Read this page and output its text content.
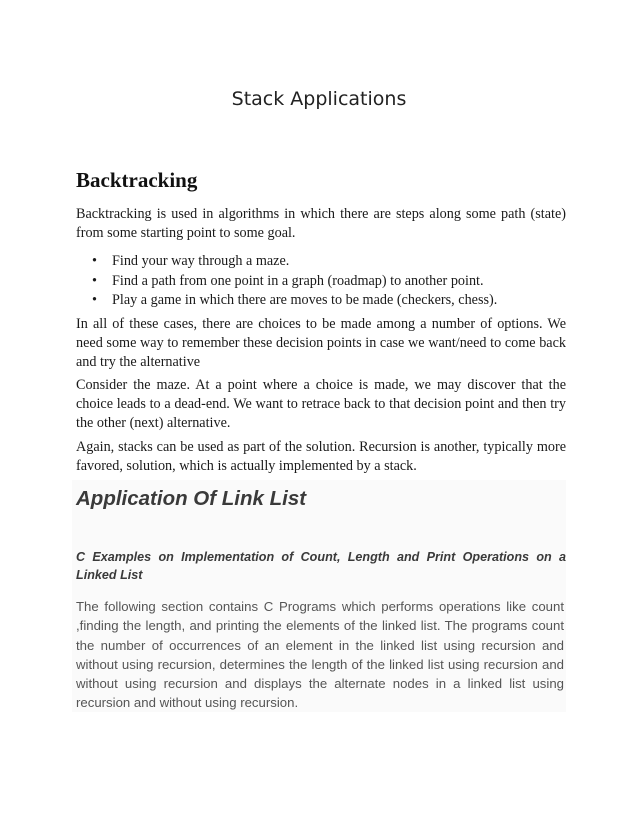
Stack Applications
Backtracking
Backtracking is used in algorithms in which there are steps along some path (state) from some starting point to some goal.
• Find your way through a maze.
• Find a path from one point in a graph (roadmap) to another point.
• Play a game in which there are moves to be made (checkers, chess).
In all of these cases, there are choices to be made among a number of options. We need some way to remember these decision points in case we want/need to come back and try the alternative
Consider the maze. At a point where a choice is made, we may discover that the choice leads to a dead-end. We want to retrace back to that decision point and then try the other (next) alternative.
Again, stacks can be used as part of the solution. Recursion is another, typically more favored, solution, which is actually implemented by a stack.
Application Of Link List
C Examples on Implementation of Count, Length and Print Operations on a Linked List
The following section contains C Programs which performs operations like count ,finding the length, and printing the elements of the linked list. The programs count the number of occurrences of an element in the linked list using recursion and without using recursion, determines the length of the linked list using recursion and without using recursion and displays the alternate nodes in a linked list using recursion and without using recursion.
